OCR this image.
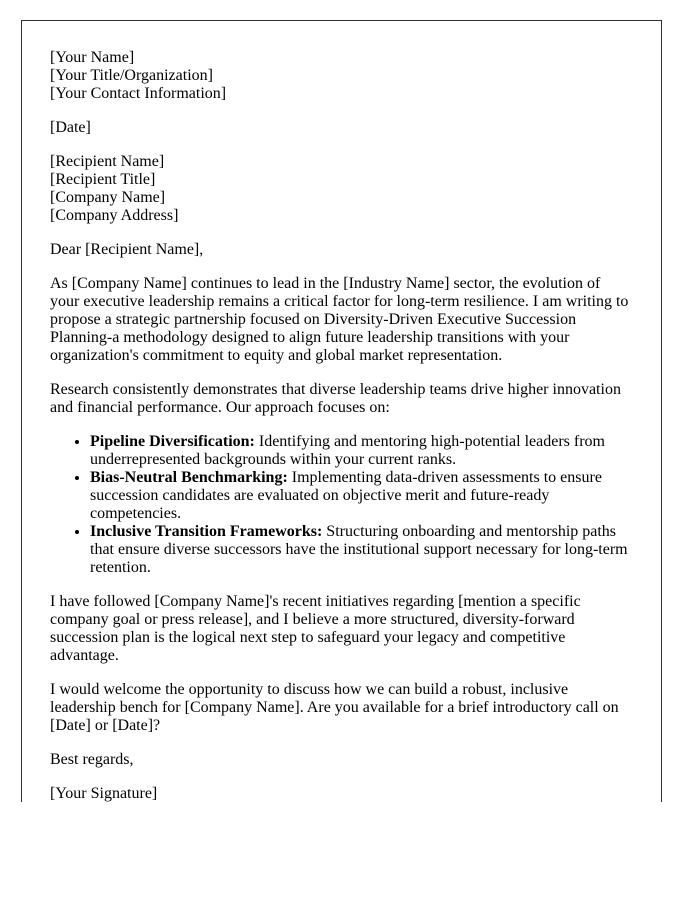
[Your Name]
[Your Title/Organization]
[Your Contact Information]

[Date]

[Recipient Name]
[Recipient Title]
[Company Name]
[Company Address]

Dear [Recipient Name],

As [Company Name] continues to lead in the [Industry Name] sector, the evolution of your executive leadership remains a critical factor for long-term resilience. I am writing to propose a strategic partnership focused on Diversity-Driven Executive Succession Planning-a methodology designed to align future leadership transitions with your organization's commitment to equity and global market representation.

Research consistently demonstrates that diverse leadership teams drive higher innovation and financial performance. Our approach focuses on:

• Pipeline Diversification: Identifying and mentoring high-potential leaders from underrepresented backgrounds within your current ranks.
• Bias-Neutral Benchmarking: Implementing data-driven assessments to ensure succession candidates are evaluated on objective merit and future-ready competencies.
• Inclusive Transition Frameworks: Structuring onboarding and mentorship paths that ensure diverse successors have the institutional support necessary for long-term retention.

I have followed [Company Name]'s recent initiatives regarding [mention a specific company goal or press release], and I believe a more structured, diversity-forward succession plan is the logical next step to safeguard your legacy and competitive advantage.

I would welcome the opportunity to discuss how we can build a robust, inclusive leadership bench for [Company Name]. Are you available for a brief introductory call on [Date] or [Date]?

Best regards,

[Your Signature]
